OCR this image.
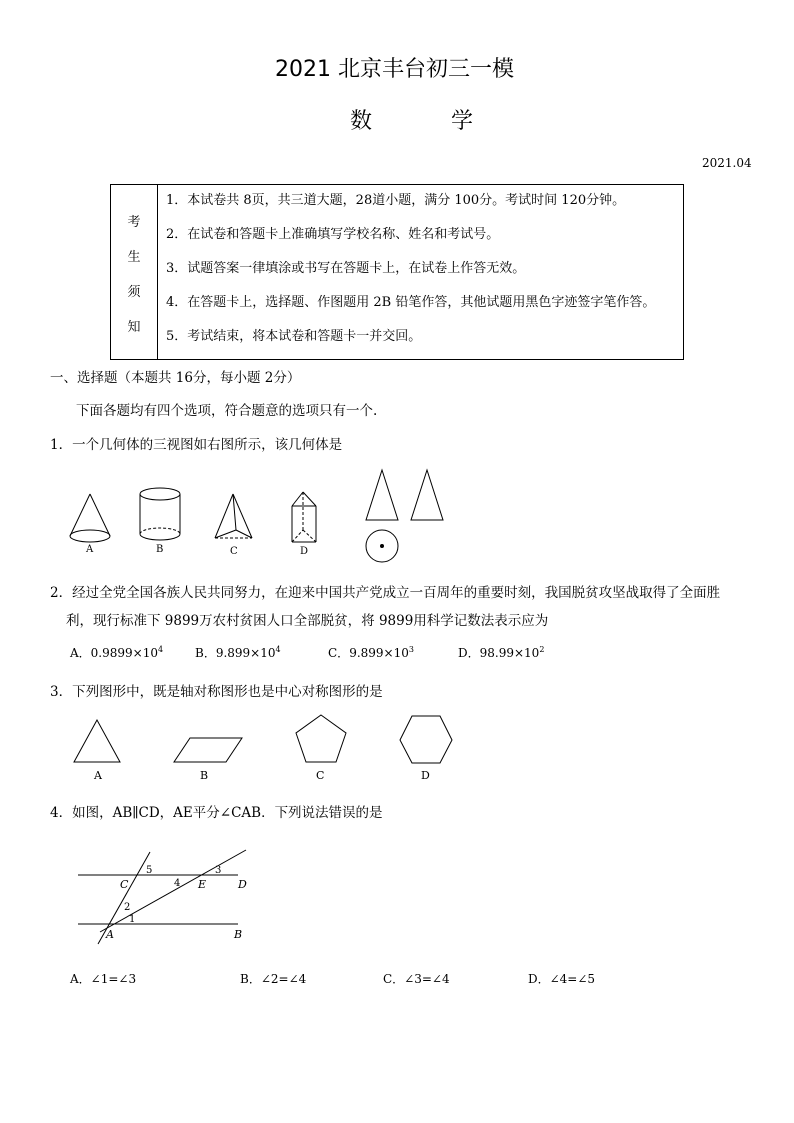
2021 北京丰台初三一模
数 学
2021.04
考
生
须
知

1．本试卷共 8页，共三道大题，28道小题，满分 100分。考试时间 120分钟。
2．在试卷和答题卡上准确填写学校名称、姓名和考试号。
3．试题答案一律填涂或书写在答题卡上，在试卷上作答无效。
4．在答题卡上，选择题、作图题用 2B 铅笔作答，其他试题用黑色字迹签字笔作答。
5．考试结束，将本试卷和答题卡一并交回。
一、选择题（本题共 16分，每小题 2分）
下面各题均有四个选项，符合题意的选项只有一个.
1．一个几何体的三视图如右图所示，该几何体是
A	B	C	D
2．经过全党全国各族人民共同努力，在迎来中国共产党成立一百周年的重要时刻，我国脱贫攻坚战取得了全面胜
利，现行标准下 9899万农村贫困人口全部脱贫，将 9899用科学记数法表示应为
A．$0.9899\times 10^4$	B．$9.899\times 10^4$	C．$9.899\times 10^3$	D．$98.99\times 10^2$
3．下列图形中，既是轴对称图形也是中心对称图形的是
A	B	C	D
4．如图，AB∥CD，AE平分∠CAB．下列说法错误的是
C	E	D
A	B
5
4
3
2
1
A．∠1=∠3	B．∠2=∠4	C．∠3=∠4	D．∠4=∠5
